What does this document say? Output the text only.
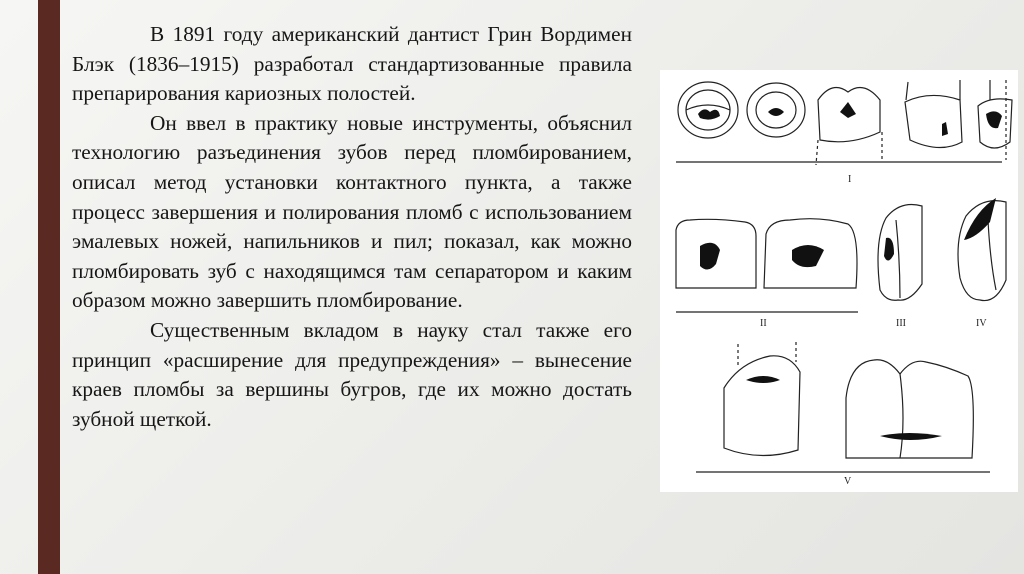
В 1891 году американский дантист Грин Вордимен Блэк (1836–1915) разработал стандартизованные правила препарирования кариозных полостей.

Он ввел в практику новые инструменты, объяснил технологию разъединения зубов перед пломбированием, описал метод установки контактного пункта, а также процесс завершения и полирования пломб с использованием эмалевых ножей, напильников и пил; показал, как можно пломбировать зуб с находящимся там сепаратором и каким образом можно завершить пломбирование.

Существенным вкладом в науку стал также его принцип «расширение для предупреждения» – вынесение краев пломбы за вершины бугров, где их можно достать зубной щеткой.

I
II	III	IV
V
